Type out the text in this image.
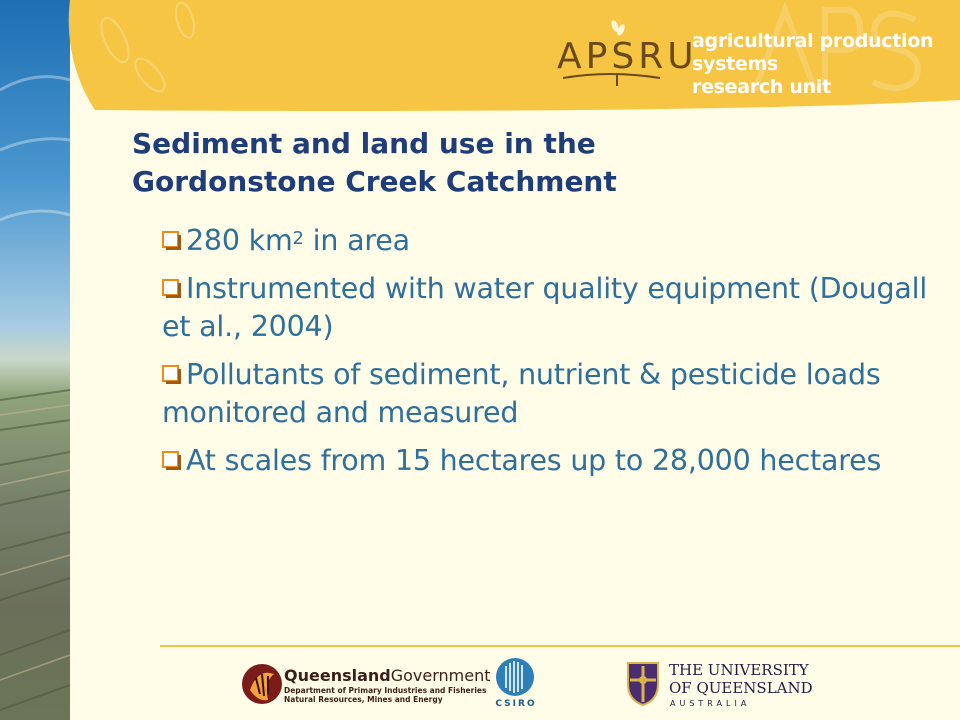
APSRU
agricultural production systems
research unit
Sediment and land use in the
Gordonstone Creek Catchment
280 $km^2$ in area
Instrumented with water quality equipment (Dougall et al., 2004)
Pollutants of sediment, nutrient & pesticide loads monitored and measured
At scales from 15 hectares up to 28,000 hectares
QueenslandGovernment
Department of Primary Industries and Fisheries
Natural Resources, Mines and Energy	CSIRO
THE UNIVERSITY
OF QUEENSLAND
AUSTRALIA
